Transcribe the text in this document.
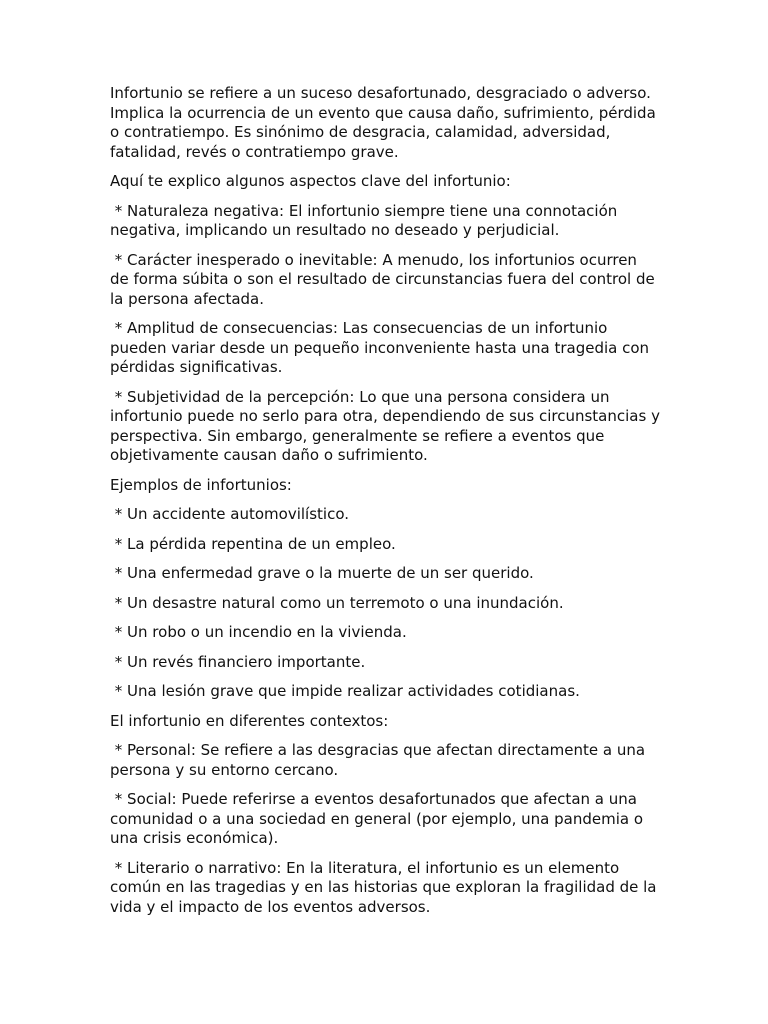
Infortunio se refiere a un suceso desafortunado, desgraciado o adverso. Implica la ocurrencia de un evento que causa daño, sufrimiento, pérdida o contratiempo. Es sinónimo de desgracia, calamidad, adversidad, fatalidad, revés o contratiempo grave.

Aquí te explico algunos aspectos clave del infortunio:

* Naturaleza negativa: El infortunio siempre tiene una connotación negativa, implicando un resultado no deseado y perjudicial.

* Carácter inesperado o inevitable: A menudo, los infortunios ocurren de forma súbita o son el resultado de circunstancias fuera del control de la persona afectada.

* Amplitud de consecuencias: Las consecuencias de un infortunio pueden variar desde un pequeño inconveniente hasta una tragedia con pérdidas significativas.

* Subjetividad de la percepción: Lo que una persona considera un infortunio puede no serlo para otra, dependiendo de sus circunstancias y perspectiva. Sin embargo, generalmente se refiere a eventos que objetivamente causan daño o sufrimiento.

Ejemplos de infortunios:

* Un accidente automovilístico.

* La pérdida repentina de un empleo.

* Una enfermedad grave o la muerte de un ser querido.

* Un desastre natural como un terremoto o una inundación.

* Un robo o un incendio en la vivienda.

* Un revés financiero importante.

* Una lesión grave que impide realizar actividades cotidianas.

El infortunio en diferentes contextos:

* Personal: Se refiere a las desgracias que afectan directamente a una persona y su entorno cercano.

* Social: Puede referirse a eventos desafortunados que afectan a una comunidad o a una sociedad en general (por ejemplo, una pandemia o una crisis económica).

* Literario o narrativo: En la literatura, el infortunio es un elemento común en las tragedias y en las historias que exploran la fragilidad de la vida y el impacto de los eventos adversos.
